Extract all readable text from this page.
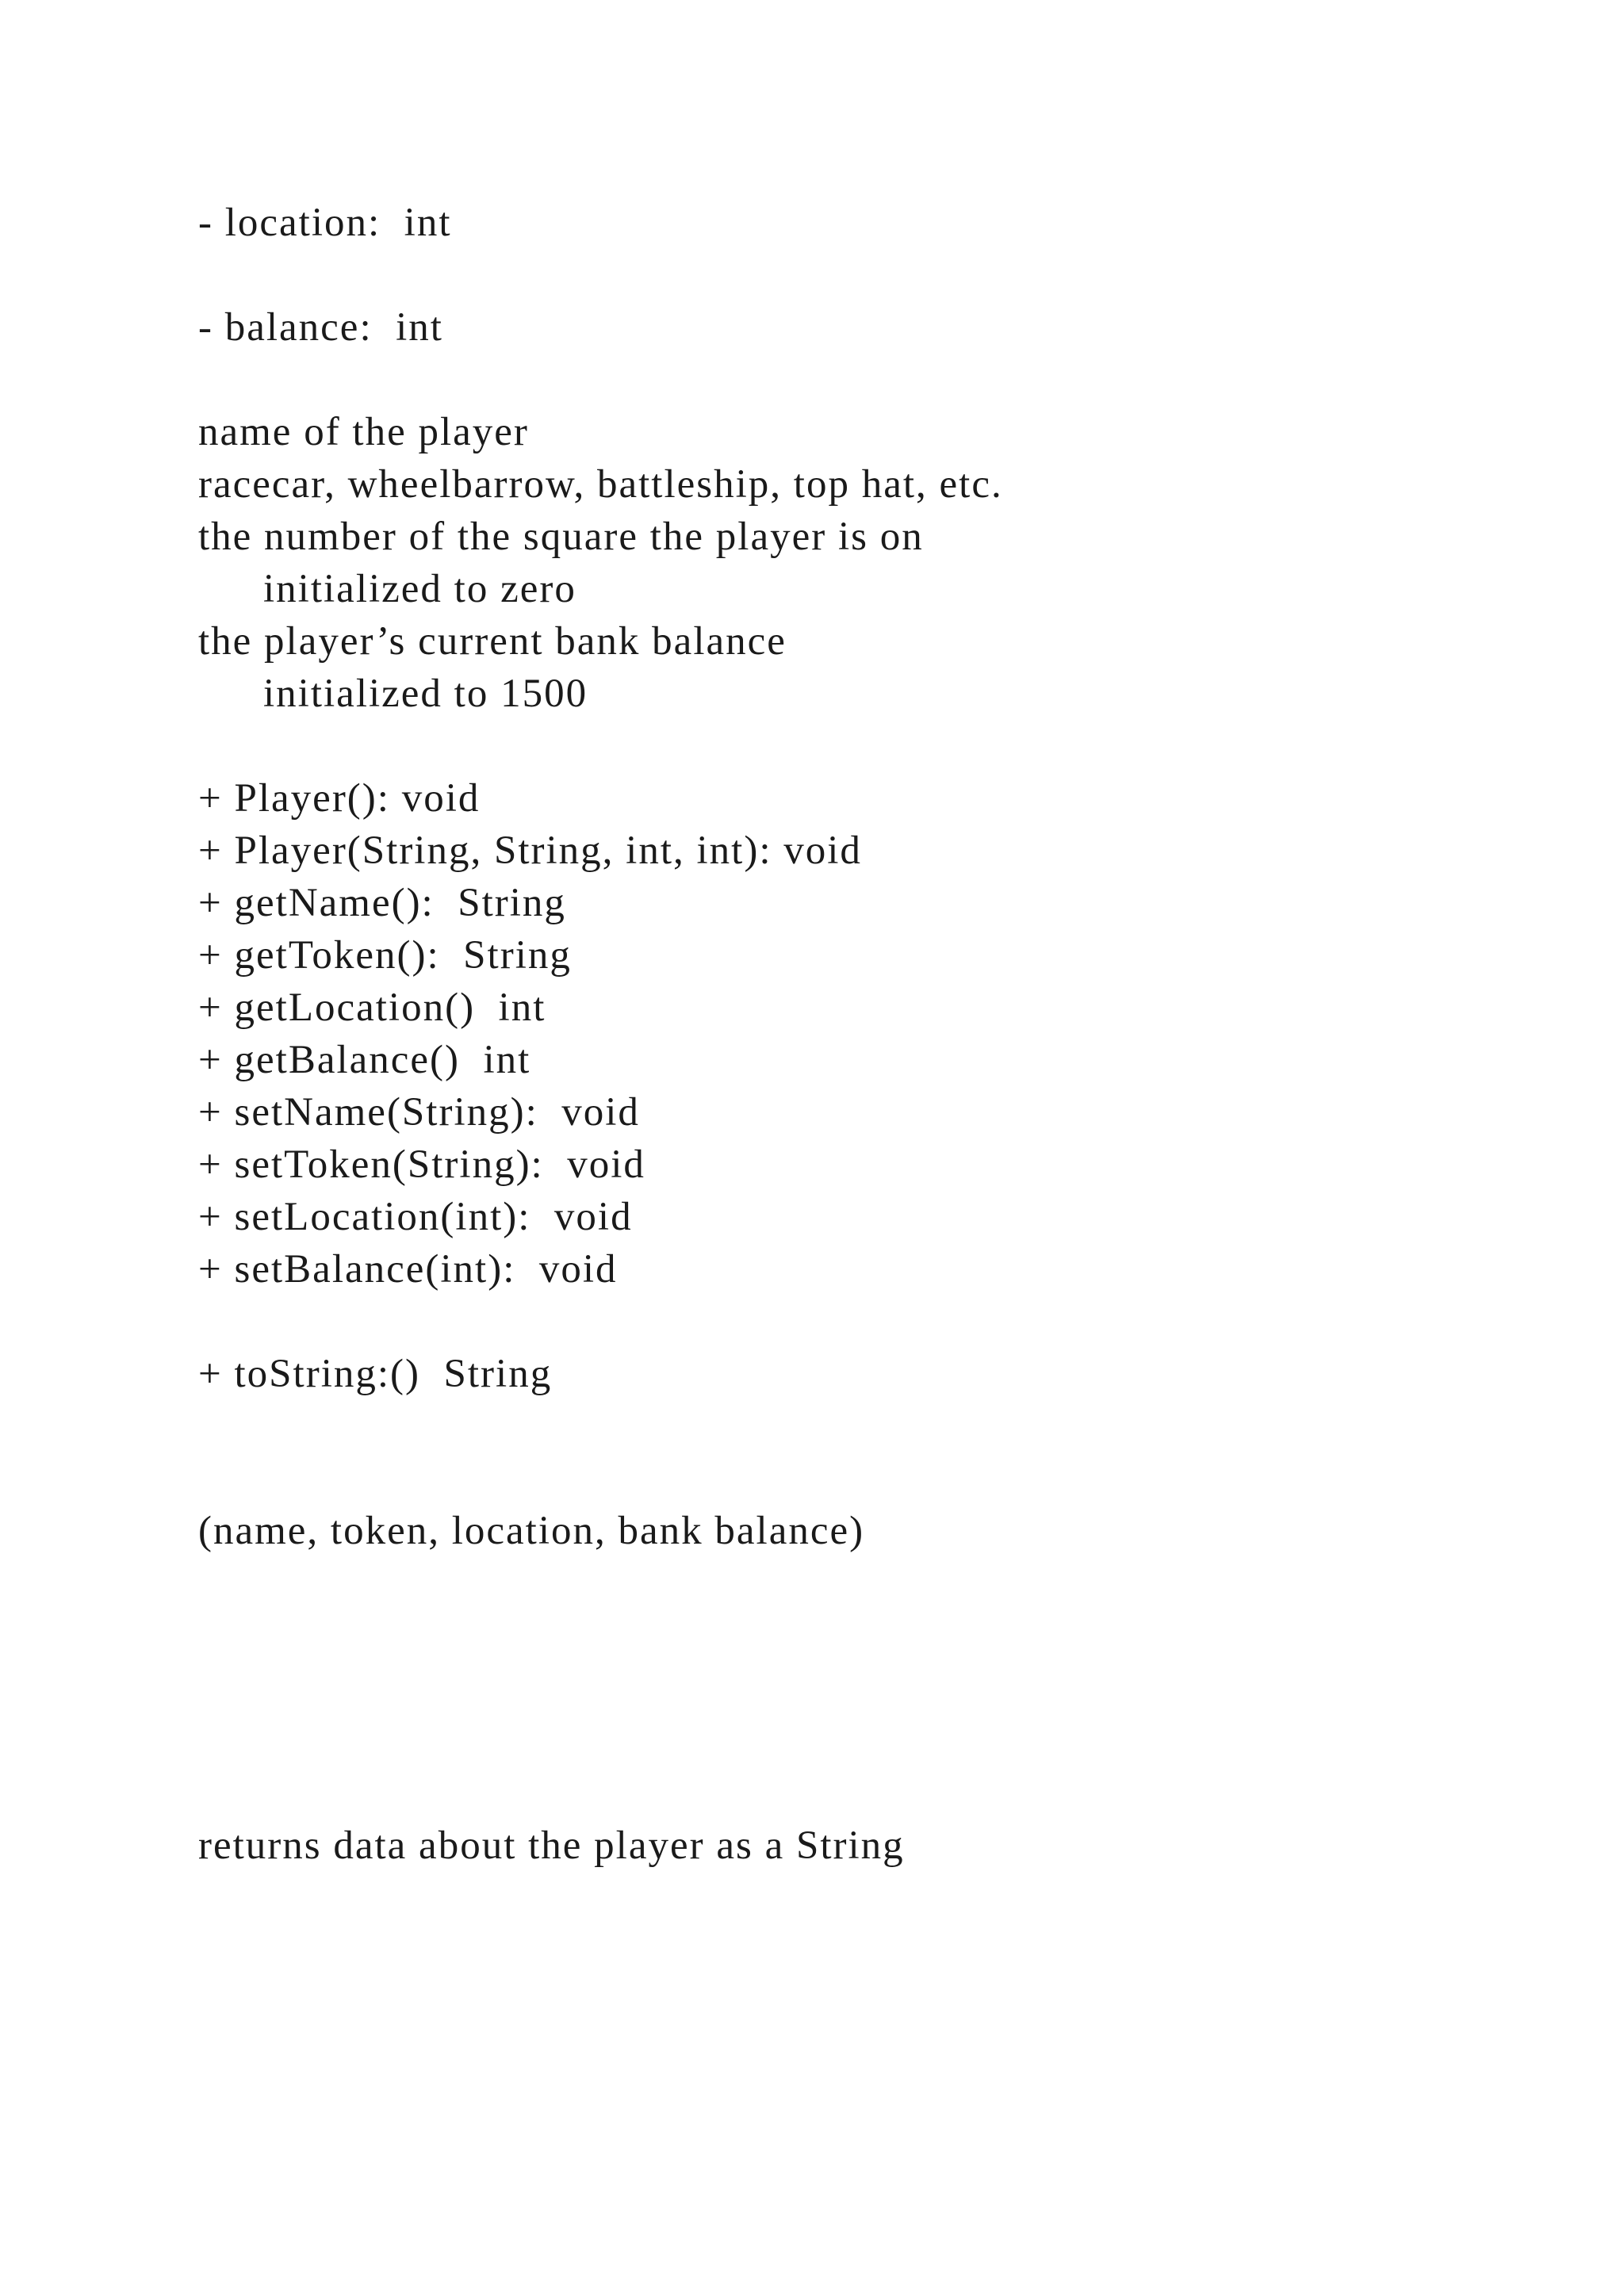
- location:  int
- balance:  int
name of the player
racecar, wheelbarrow, battleship, top hat, etc.
the number of the square the player is on
initialized to zero
the player’s current bank balance
initialized to 1500
+ Player(): void
+ Player(String, String, int, int): void
+ getName():  String
+ getToken():  String
+ getLocation()  int
+ getBalance()  int
+ setName(String):  void
+ setToken(String):  void
+ setLocation(int):  void
+ setBalance(int):  void
+ toString:()  String
(name, token, location, bank balance)
returns data about the player as a String
